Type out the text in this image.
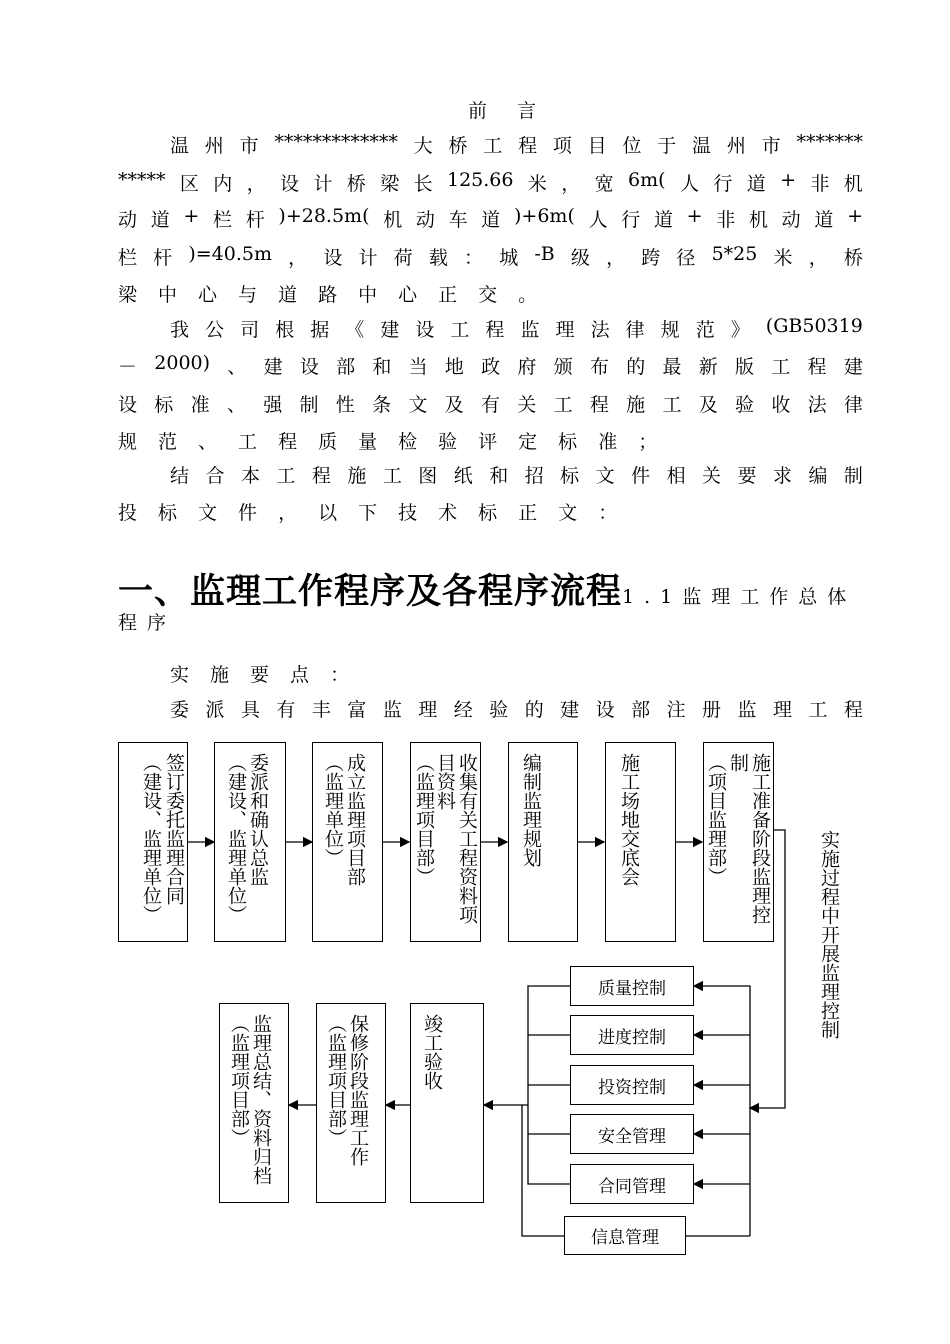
前言
温 州 市 ************* 大 桥 工 程 项 目 位 于 温 州 市 *******
***** 区 内 ， 设 计 桥 梁 长 125.66 米 ， 宽 6m( 人 行 道 + 非 机
动 道 + 栏 杆 )+28.5m( 机 动 车 道 )+6m( 人 行 道 + 非 机 动 道 +
栏 杆 )=40.5m ， 设 计 荷 载 ： 城 -B 级 ， 跨 径 5*25 米 ， 桥
梁 中 心 与 道 路 中 心 正 交 。
我 公 司 根 据 《 建 设 工 程 监 理 法 律 规 范 》 (GB50319
－ 2000) 、 建 设 部 和 当 地 政 府 颁 布 的 最 新 版 工 程 建
设 标 准 、 强 制 性 条 文 及 有 关 工 程 施 工 及 验 收 法 律
规 范 、 工 程 质 量 检 验 评 定 标 准 ；
结 合 本 工 程 施 工 图 纸 和 招 标 文 件 相 关 要 求 编 制
投 标 文 件 ， 以 下 技 术 标 正 文 ：
一、监理工作程序及各程序流程1.1监理工作总体
程序
实 施 要 点 ：
委 派 具 有 丰 富 监 理 经 验 的 建 设 部 注 册 监 理 工 程
签订委托监理合同
（建设、监理单位）	委派和确认总监
（建设、监理单位）	成立监理项目部
（监理单位）	收集有关工程资料项目资料
（监理项目部）	编制监理规划	施工场地交底会	施工准备阶段监理控制
（项目监理部）
实施过程中开展监理控制
质量控制
进度控制
投资控制
安全管理
合同管理
信息管理
竣工验收
保修阶段监理工作
（监理项目部）
监理总结、资料归档
（监理项目部）
